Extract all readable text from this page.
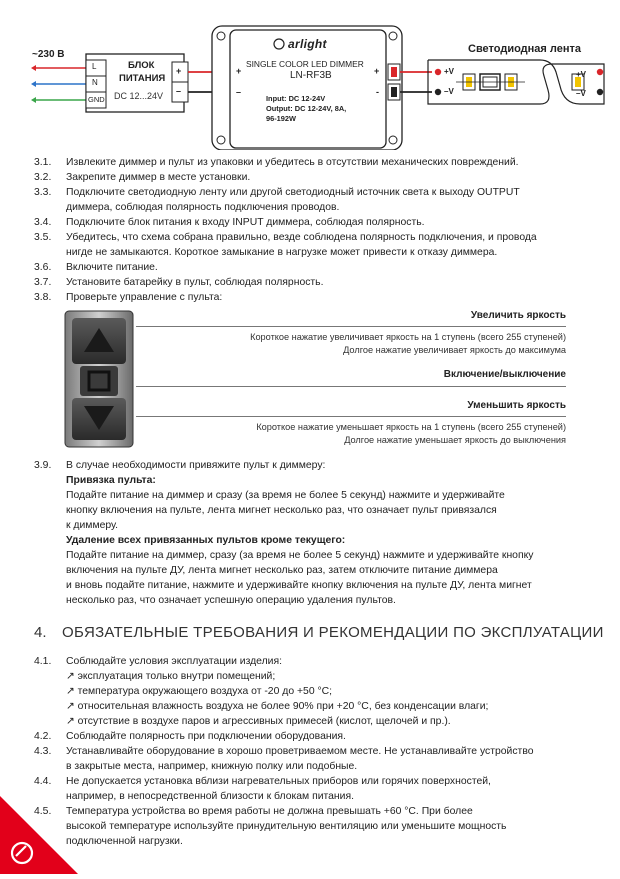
~230 В
L
N
GND
БЛОК
ПИТАНИЯ
DC 12...24V
+
–
arlight
SINGLE COLOR LED DIMMER
LN-RF3B
+
–
+
-
Input: DC 12-24V
Output: DC 12-24V, 8A,
96-192W
Светодиодная лента
+V
–V
+V
–V
3.1. Извлеките диммер и пульт из упаковки и убедитесь в отсутствии механических повреждений.
3.2. Закрепите диммер в месте установки.
3.3. Подключите светодиодную ленту или другой светодиодный источник света к выходу OUTPUT
диммера, соблюдая полярность подключения проводов.
3.4. Подключите блок питания к входу INPUT диммера, соблюдая полярность.
3.5. Убедитесь, что схема собрана правильно, везде соблюдена полярность подключения, и провода
нигде не замыкаются. Короткое замыкание в нагрузке может привести к отказу диммера.
3.6. Включите питание.
3.7. Установите батарейку в пульт, соблюдая полярность.
3.8. Проверьте управление с пульта:
Увеличить яркость
Короткое нажатие увеличивает яркость на 1 ступень (всего 255 ступеней)
Долгое нажатие увеличивает яркость до максимума
Включение/выключение
Уменьшить яркость
Короткое нажатие уменьшает яркость на 1 ступень (всего 255 ступеней)
Долгое нажатие уменьшает яркость до выключения
3.9. В случае необходимости привяжите пульт к диммеру:
Привязка пульта:
Подайте питание на диммер и сразу (за время не более 5 секунд) нажмите и удерживайте
кнопку включения на пульте, лента мигнет несколько раз, что означает пульт привязался
к диммеру.
Удаление всех привязанных пультов кроме текущего:
Подайте питание на диммер, сразу (за время не более 5 секунд) нажмите и удерживайте кнопку
включения на пульте ДУ, лента мигнет несколько раз, затем отключите питание диммера
и вновь подайте питание, нажмите и удерживайте кнопку включения на пульте ДУ, лента мигнет
несколько раз, что означает успешную операцию удаления пультов.
4. ОБЯЗАТЕЛЬНЫЕ ТРЕБОВАНИЯ И РЕКОМЕНДАЦИИ ПО ЭКСПЛУАТАЦИИ
4.1. Соблюдайте условия эксплуатации изделия:
↗ эксплуатация только внутри помещений;
↗ температура окружающего воздуха от -20 до +50 °С;
↗ относительная влажность воздуха не более 90% при +20 °C, без конденсации влаги;
↗ отсутствие в воздухе паров и агрессивных примесей (кислот, щелочей и пр.).
4.2. Соблюдайте полярность при подключении оборудования.
4.3. Устанавливайте оборудование в хорошо проветриваемом месте. Не устанавливайте устройство
в закрытые места, например, книжную полку или подобные.
4.4. Не допускается установка вблизи нагревательных приборов или горячих поверхностей,
например, в непосредственной близости к блокам питания.
4.5. Температура устройства во время работы не должна превышать +60 °С. При более
высокой температуре используйте принудительную вентиляцию или уменьшите мощность
подключенной нагрузки.
